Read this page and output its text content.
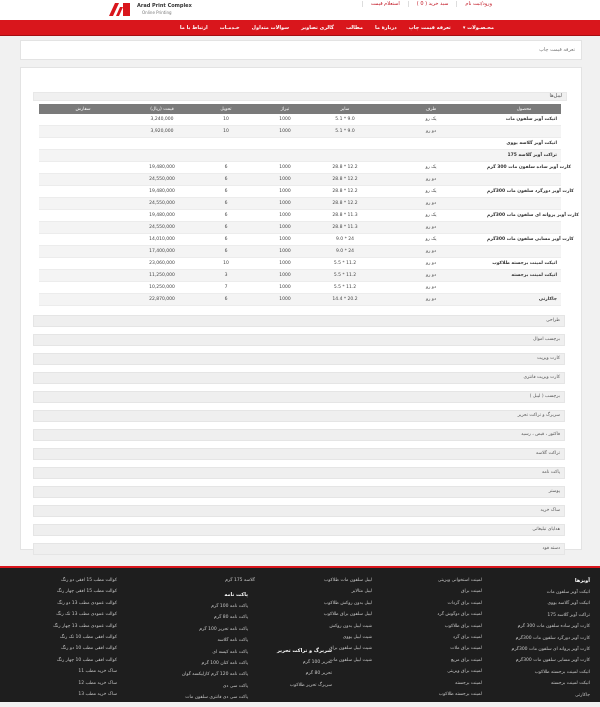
Arad Print Complex
Online Printing
ورود/ثبت نام
سبد خرید ( 0 )
استعلام قیمت
محـصـولات ▾
تعرفه قیمت چاپ
دربارۀ ما
مطالب
گالری تصاویر
سوالات متداول
خـدمـات
ارتباط با ما
تعرفه قیمت چاپ
لیبل‌ها
سفارش	قیمت (ریال)	تحویل	تیراژ	سایز	طرف	محصول
	3,240,000	10	1000	5.1 * 9.0	یک رو	اتیکت آویز سلفون مات
	3,920,000	10	1000	5.1 * 9.0	دو رو	
						اتیکت آویز گلاسه یووی
						تراکت آویز گلاسه 175
	19,480,000	6	1000	28.8 * 12.2	یک رو	کارت آویز ساده سلفون مات 300 گرم
	24,550,000	6	1000	28.8 * 12.2	دو رو	
	19,480,000	6	1000	28.8 * 12.2	یک رو	کارت آویز دورگرد سلفون مات 300گرم
	24,550,000	6	1000	28.8 * 12.2	دو رو	
	19,480,000	6	1000	28.8 * 11.3	یک رو	کارت آویز پروانه ای سلفون مات 300گرم
	24,550,000	6	1000	28.8 * 11.3	دو رو	
	14,010,000	6	1000	9.0 * 24	یک رو	کارت آویز مسابی سلفون مات 300گرم
	17,400,000	6	1000	9.0 * 24	دو رو	
	23,060,000	10	1000	5.5 * 11.2	دو رو	اتیکت لمینت برجسته طلاکوب
	11,250,000	3	1000	5.5 * 11.2	دو رو	اتیکت لمینت برجسته
	10,250,000	7	1000	5.5 * 11.2	دو رو	
	22,870,000	6	1000	14.4 * 20.2	دو رو	جاکارتی
طراحی
برچسب اموال
کارت ویزیت
کارت ویزیت فانتزی
برچسب ( لیبل )
سربرگ و تراکت تحریر
فاکتور ، قبض ، رسید
تراکت گلاسه
پاکت نامه
پوستر
ساک خرید
هدایای تبلیغاتی
دسته فود
آویزها
اتیکت آویز سلفون مات
اتیکت آویز گلاسه یووی
تراکت آویز گلاسه 175
کارت آویز ساده سلفون مات 300 گرم
کارت آویز دورگرد سلفون مات 300گرم
کارت آویز پروانه ای سلفون مات 300گرم
کارت آویز مسابی سلفون مات 300گرم
اتیکت لمینت برجسته طلاکوب
اتیکت لمینت برجسته
جاکارتی
لمینت استخوانی ویزیتی
لمینت براق
لمینت براق گردات
لمینت براق دوگوش گرد
لمینت براق طلاکوب
لمینت براق گرد
لمینت براق ملات
لمینت براق مربع
لمینت براق ویزیتی
لمینت برجسته
لمینت برجسته طلاکوب
لیبل سلفون مات طلاکوب
لیبل متالایز
لیبل بدون روکش طلاکوب
لیبل سلفون براق طلاکوب
شیت لیبل بدون روکش
شیت لیبل یووی
شیت لیبل سلفون براق
شیت لیبل سلفون مات
سربرگ و تراکت تحریر
تحریر 100 گرم
تحریر 80 گرم
سربرگ تحریر طلاکوب
گلاسه 175 گرم
پاکت نامه
پاکت نامه 100 گرم
پاکت نامه 80 گرم
پاکت نامه تحریر 100 گرم
پاکت نامه گلاسه
پاکت نامه کیسه ای
پاکت نامه کتان 100 گرم
پاکت نامه 120 گرم کازلیکسه گوان
پاکت سی دی
پاکت سی دی فانتزی سلفون مات
کوالت مطب 15 افقی دو رنگ
کوالت مطب 15 افقی چهار رنگ
کوالت عمودی مطب 13 دو رنگ
کوالت عمودی مطب 13 تک رنگ
کوالت عمودی مطب 13 چهار رنگ
کوالت افقی مطب 10 تک رنگ
کوالت افقی مطب 10 دو رنگ
کوالت افقی مطب 10 چهار رنگ
ساک خرید مطب 11
ساک خرید مطب 12
ساک خرید مطب 13
